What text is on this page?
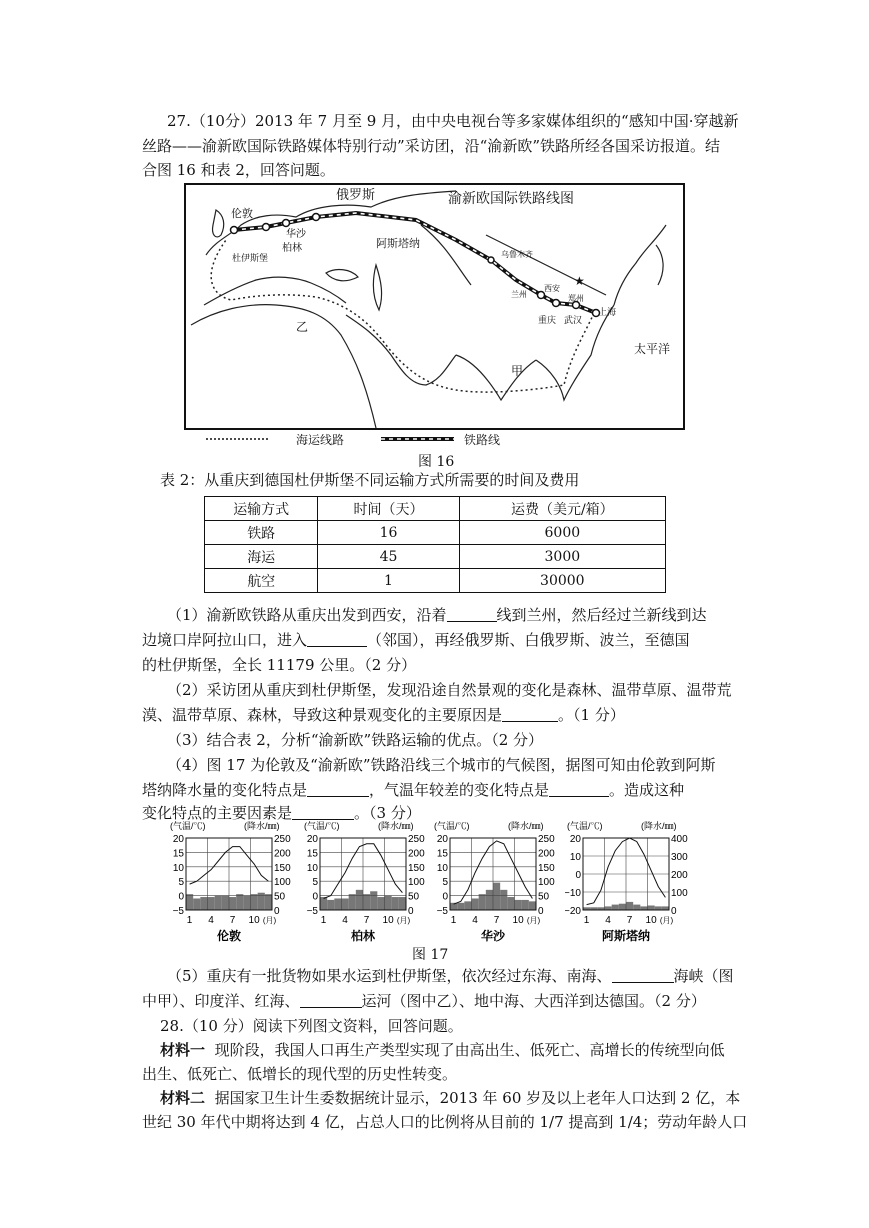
27.（10分）2013 年 7 月至 9 月，由中央电视台等多家媒体组织的“感知中国·穿越新

丝路——渝新欧国际铁路媒体特别行动”采访团，沿“渝新欧”铁路所经各国采访报道。结

合图 16 和表 2，回答问题。

★
渝新欧国际铁路线图
俄罗斯
伦敦
华沙
柏林
杜伊斯堡
阿斯塔纳
乌鲁木齐
兰州
西安
郑州
重庆 武汉
上海
太平洋
甲
乙
海运线路	铁路线
图 16

表 2：从重庆到德国杜伊斯堡不同运输方式所需要的时间及费用

运输方式	时间（天）	运费（美元/箱）
铁路	16	6000
海运	45	3000
航空	1	30000

（1）渝新欧铁路从重庆出发到西安，沿着	线到兰州，然后经过兰新线到达

边境口岸阿拉山口，进入	（邻国），再经俄罗斯、白俄罗斯、波兰，至德国

的杜伊斯堡，全长 11179 公里。（2 分）

（2）采访团从重庆到杜伊斯堡，发现沿途自然景观的变化是森林、温带草原、温带荒

漠、温带草原、森林，导致这种景观变化的主要原因是	。（1 分）

（3）结合表 2，分析“渝新欧”铁路运输的优点。（2 分）

（4）图 17 为伦敦及“渝新欧”铁路沿线三个城市的气候图，据图可知由伦敦到阿斯

塔纳降水量的变化特点是	，气温年较差的变化特点是	。造成这种

变化特点的主要因素是	。（3 分）

(气温/℃)	(降水/㎜)
20
15
10
5
0
−5
250
200
150
100
50
0
1 4 7 10 (月)
伦敦
(气温/℃)	(降水/㎜)
20
15
10
5
0
−5
250
200
150
100
50
0
1 4 7 10 (月)
柏林
(气温/℃)	(降水/㎜)
20
15
10
5
0
−5
250
200
150
100
50
0
1 4 7 10 (月)
华沙
(气温/℃)	(降水/㎜)
20
10
0
−10
−20
400
300
200
100
0
1 4 7 10 (月)
阿斯塔纳
图 17

（5）重庆有一批货物如果水运到杜伊斯堡，依次经过东海、南海、	海峡（图

中甲）、印度洋、红海、	运河（图中乙）、地中海、大西洋到达德国。（2 分）

28.（10 分）阅读下列图文资料，回答问题。

材料一 现阶段，我国人口再生产类型实现了由高出生、低死亡、高增长的传统型向低

出生、低死亡、低增长的现代型的历史性转变。

材料二 据国家卫生计生委数据统计显示，2013 年 60 岁及以上老年人口达到 2 亿，本

世纪 30 年代中期将达到 4 亿，占总人口的比例将从目前的 1/7 提高到 1/4；劳动年龄人口
